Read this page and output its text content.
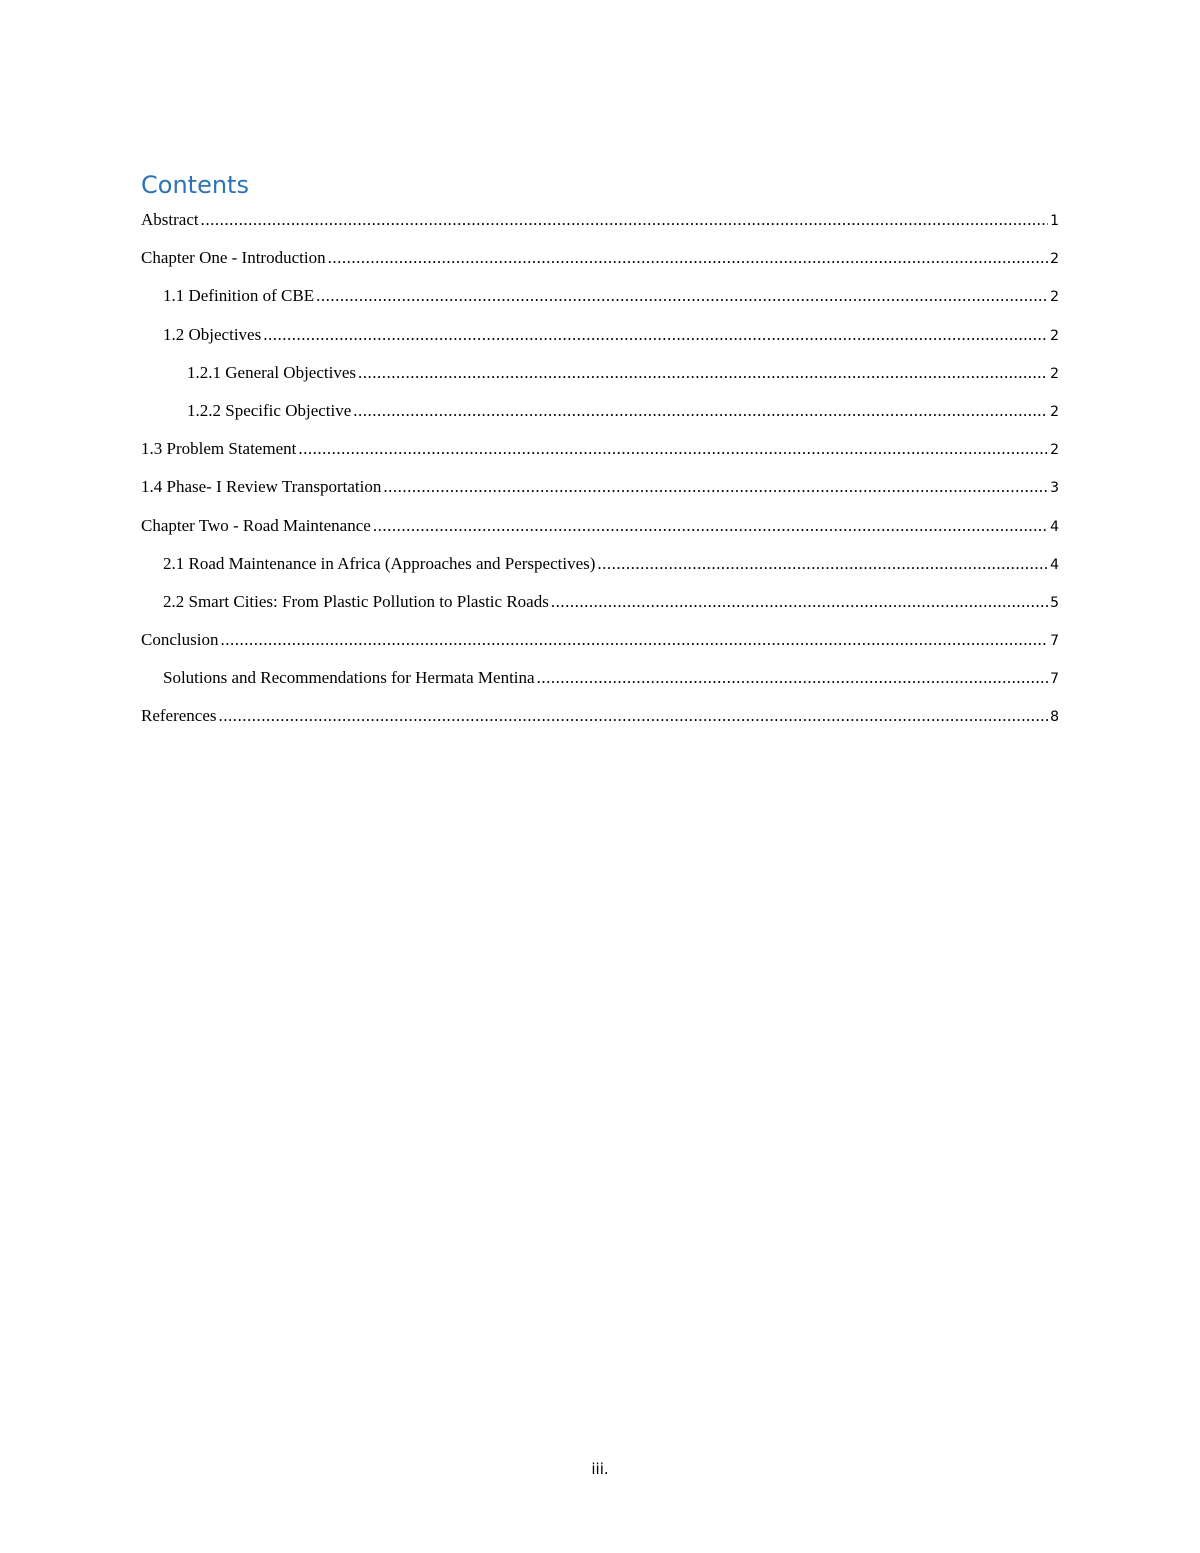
Contents
Abstract .....	1
Chapter One - Introduction .....	2
1.1 Definition of CBE .....	2
1.2 Objectives .....	2
1.2.1 General Objectives .....	2
1.2.2 Specific Objective .....	2
1.3 Problem Statement .....	2
1.4 Phase- I Review Transportation .....	3
Chapter Two - Road Maintenance .....	4
2.1 Road Maintenance in Africa (Approaches and Perspectives) .....	4
2.2 Smart Cities: From Plastic Pollution to Plastic Roads .....	5
Conclusion .....	7
Solutions and Recommendations for Hermata Mentina .....	7
References .....	8
iii.
